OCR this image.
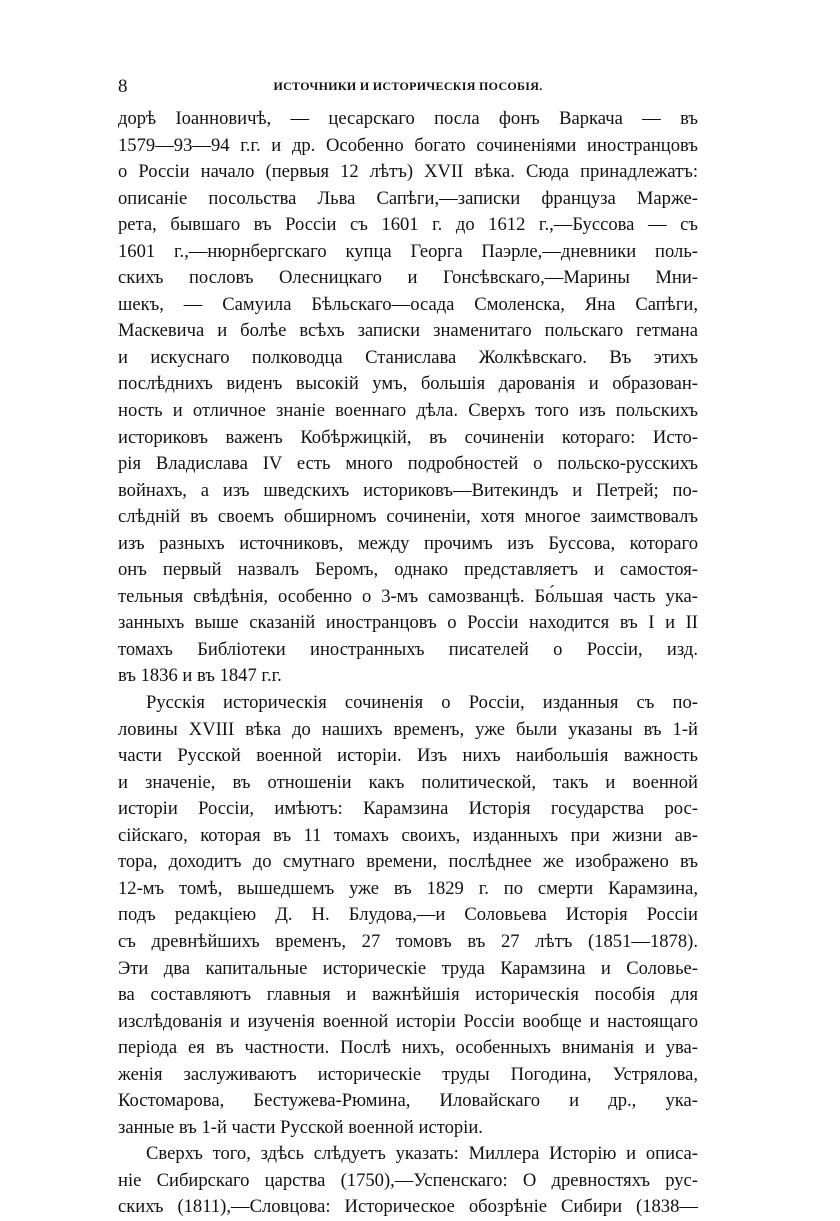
8	ИСТОЧНИКИ И ИСТОРИЧЕСКІЯ ПОСОБІЯ.
дорѣ Іоанновичѣ, — цесарскаго посла фонъ Варкача — въ
1579—93—94 г.г. и др. Особенно богато сочиненіями иностранцовъ
о Россіи начало (первыя 12 лѣтъ) XVII вѣка. Сюда принадлежатъ:
описаніе посольства Льва Сапѣги,—записки француза Марже-
рета, бывшаго въ Россіи съ 1601 г. до 1612 г.,—Буссова — съ
1601 г.,—нюрнбергскаго купца Георга Паэрле,—дневники поль-
скихъ пословъ Олесницкаго и Гонсѣвскаго,—Марины Мни-
шекъ, — Самуила Бѣльскаго—осада Смоленска, Яна Сапѣги,
Маскевича и болѣе всѣхъ записки знаменитаго польскаго гетмана
и искуснаго полководца Станислава Жолкѣвскаго. Въ этихъ
послѣднихъ виденъ высокій умъ, большія дарованія и образован-
ность и отличное знаніе военнаго дѣла. Сверхъ того изъ польскихъ
историковъ важенъ Кобѣржицкій, въ сочиненіи котораго: Исто-
рія Владислава IV есть много подробностей о польско-русскихъ
войнахъ, а изъ шведскихъ историковъ—Витекиндъ и Петрей; по-
слѣдній въ своемъ обширномъ сочиненіи, хотя многое заимствовалъ
изъ разныхъ источниковъ, между прочимъ изъ Буссова, котораго
онъ первый назвалъ Беромъ, однако представляетъ и самостоя-
тельныя свѣдѣнія, особенно о 3-мъ самозванцѣ. Бо́льшая часть ука-
занныхъ выше сказаній иностранцовъ о Россіи находится въ I и II
томахъ Библіотеки иностранныхъ писателей о Россіи, изд.
въ 1836 и въ 1847 г.г.
Русскія историческія сочиненія о Россіи, изданныя съ по-
ловины XVIII вѣка до нашихъ временъ, уже были указаны въ 1-й
части Русской военной исторіи. Изъ нихъ наибольшія важность
и значеніе, въ отношеніи какъ политической, такъ и военной
исторіи Россіи, имѣютъ: Карамзина Исторія государства рос-
сійскаго, которая въ 11 томахъ своихъ, изданныхъ при жизни ав-
тора, доходитъ до смутнаго времени, послѣднее же изображено въ
12-мъ томѣ, вышедшемъ уже въ 1829 г. по смерти Карамзина,
подъ редакціею Д. Н. Блудова,—и Соловьева Исторія Россіи
съ древнѣйшихъ временъ, 27 томовъ въ 27 лѣтъ (1851—1878).
Эти два капитальные историческіе труда Карамзина и Соловье-
ва составляютъ главныя и важнѣйшія историческія пособія для
изслѣдованія и изученія военной исторіи Россіи вообще и настоящаго
періода ея въ частности. Послѣ нихъ, особенныхъ вниманія и ува-
женія заслуживаютъ историческіе труды Погодина, Устрялова,
Костомарова, Бестужева-Рюмина, Иловайскаго и др., ука-
занные въ 1-й части Русской военной исторіи.
Сверхъ того, здѣсь слѣдуетъ указать: Миллера Исторію и описа-
ніе Сибирскаго царства (1750),—Успенскаго: О древностяхъ рус-
скихъ (1811),—Словцова: Историческое обозрѣніе Сибири (1838—
